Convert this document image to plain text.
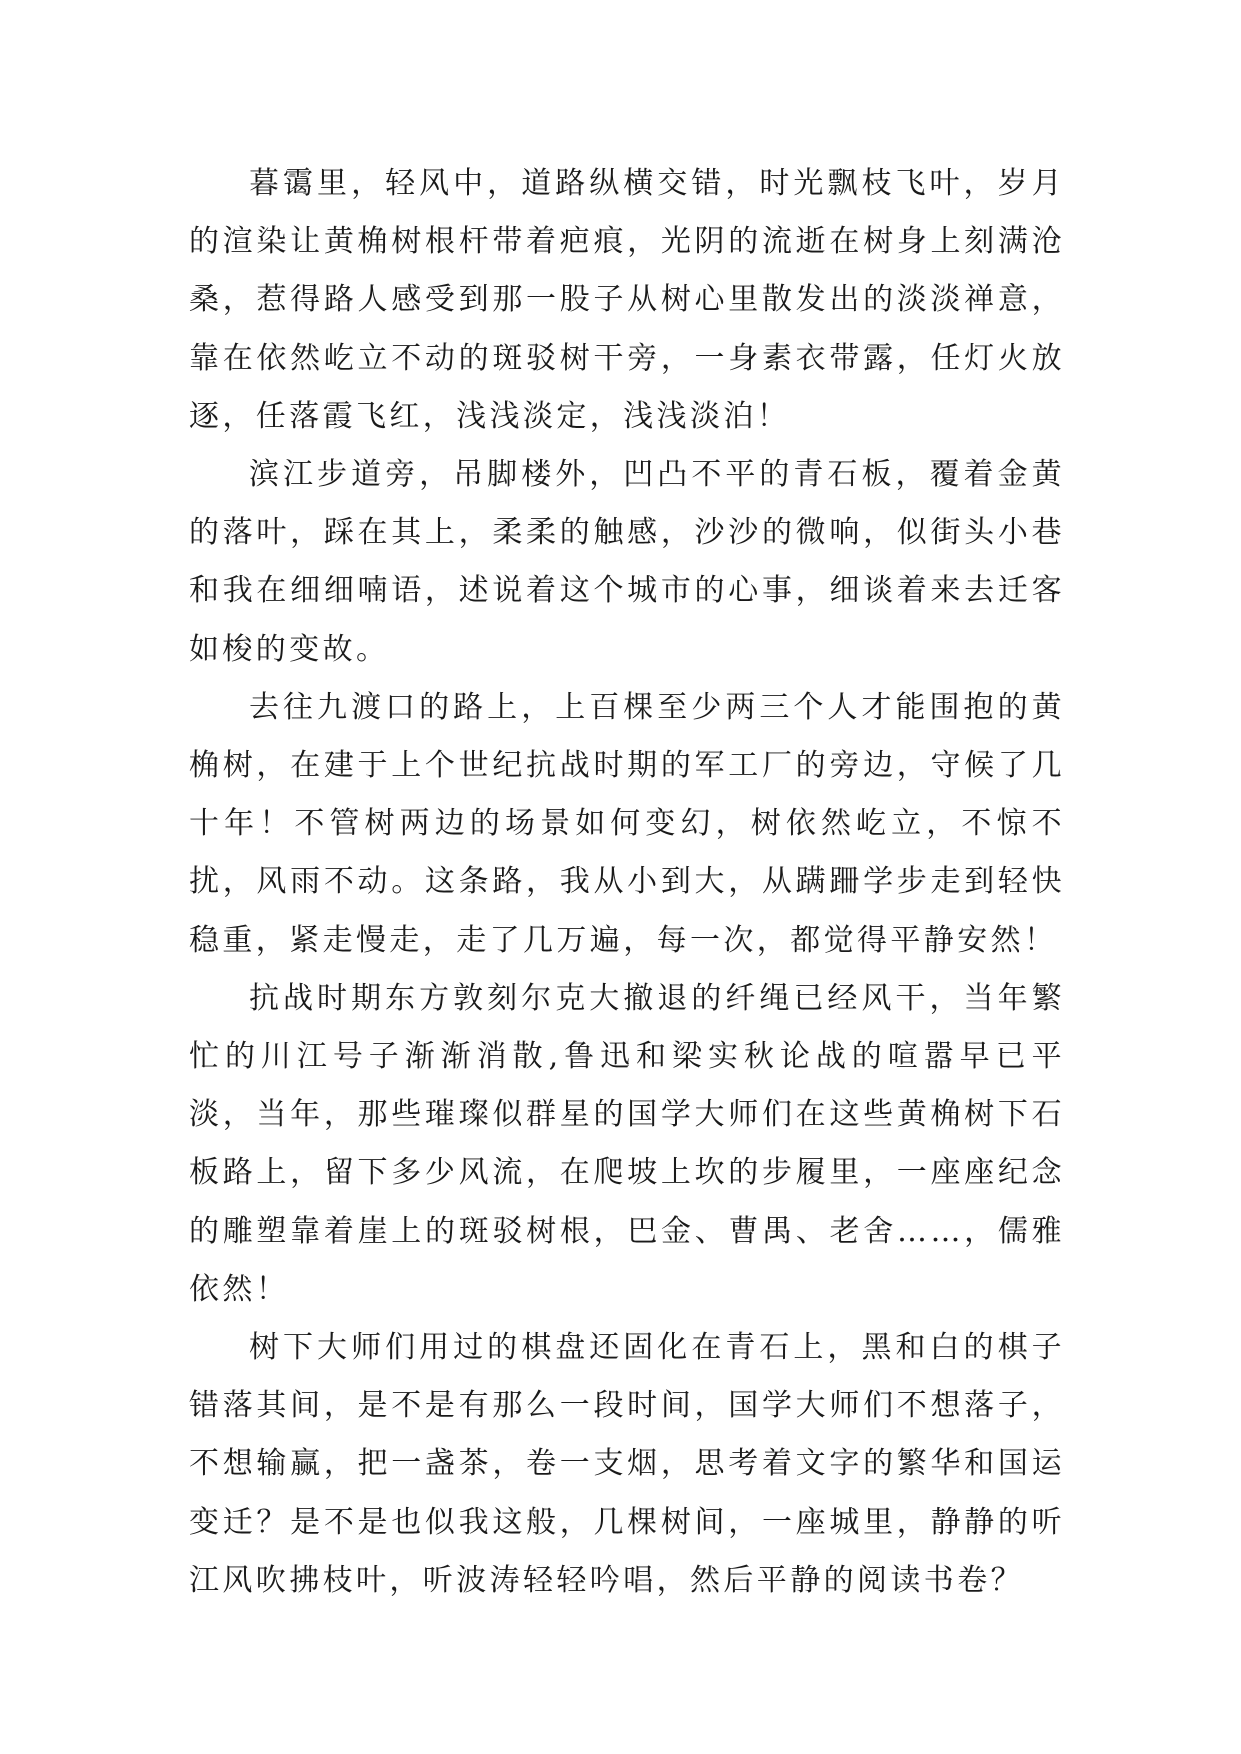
暮霭里，轻风中，道路纵横交错，时光飘枝飞叶，岁月的渲染让黄桷树根杆带着疤痕，光阴的流逝在树身上刻满沧桑，惹得路人感受到那一股子从树心里散发出的淡淡禅意，靠在依然屹立不动的斑驳树干旁，一身素衣带露，任灯火放逐，任落霞飞红，浅浅淡定，浅浅淡泊！

滨江步道旁，吊脚楼外，凹凸不平的青石板，覆着金黄的落叶，踩在其上，柔柔的触感，沙沙的微响，似街头小巷和我在细细喃语，述说着这个城市的心事，细谈着来去迁客如梭的变故。

去往九渡口的路上，上百棵至少两三个人才能围抱的黄桷树，在建于上个世纪抗战时期的军工厂的旁边，守候了几十年！不管树两边的场景如何变幻，树依然屹立，不惊不扰，风雨不动。这条路，我从小到大，从蹒跚学步走到轻快稳重，紧走慢走，走了几万遍，每一次，都觉得平静安然！

抗战时期东方敦刻尔克大撤退的纤绳已经风干，当年繁忙的川江号子渐渐消散,鲁迅和梁实秋论战的喧嚣早已平淡，当年，那些璀璨似群星的国学大师们在这些黄桷树下石板路上，留下多少风流，在爬坡上坎的步履里，一座座纪念的雕塑靠着崖上的斑驳树根，巴金、曹禺、老舍……，儒雅依然！

树下大师们用过的棋盘还固化在青石上，黑和白的棋子错落其间，是不是有那么一段时间，国学大师们不想落子，不想输赢，把一盏茶，卷一支烟，思考着文字的繁华和国运变迁？是不是也似我这般，几棵树间，一座城里，静静的听江风吹拂枝叶，听波涛轻轻吟唱，然后平静的阅读书卷？
